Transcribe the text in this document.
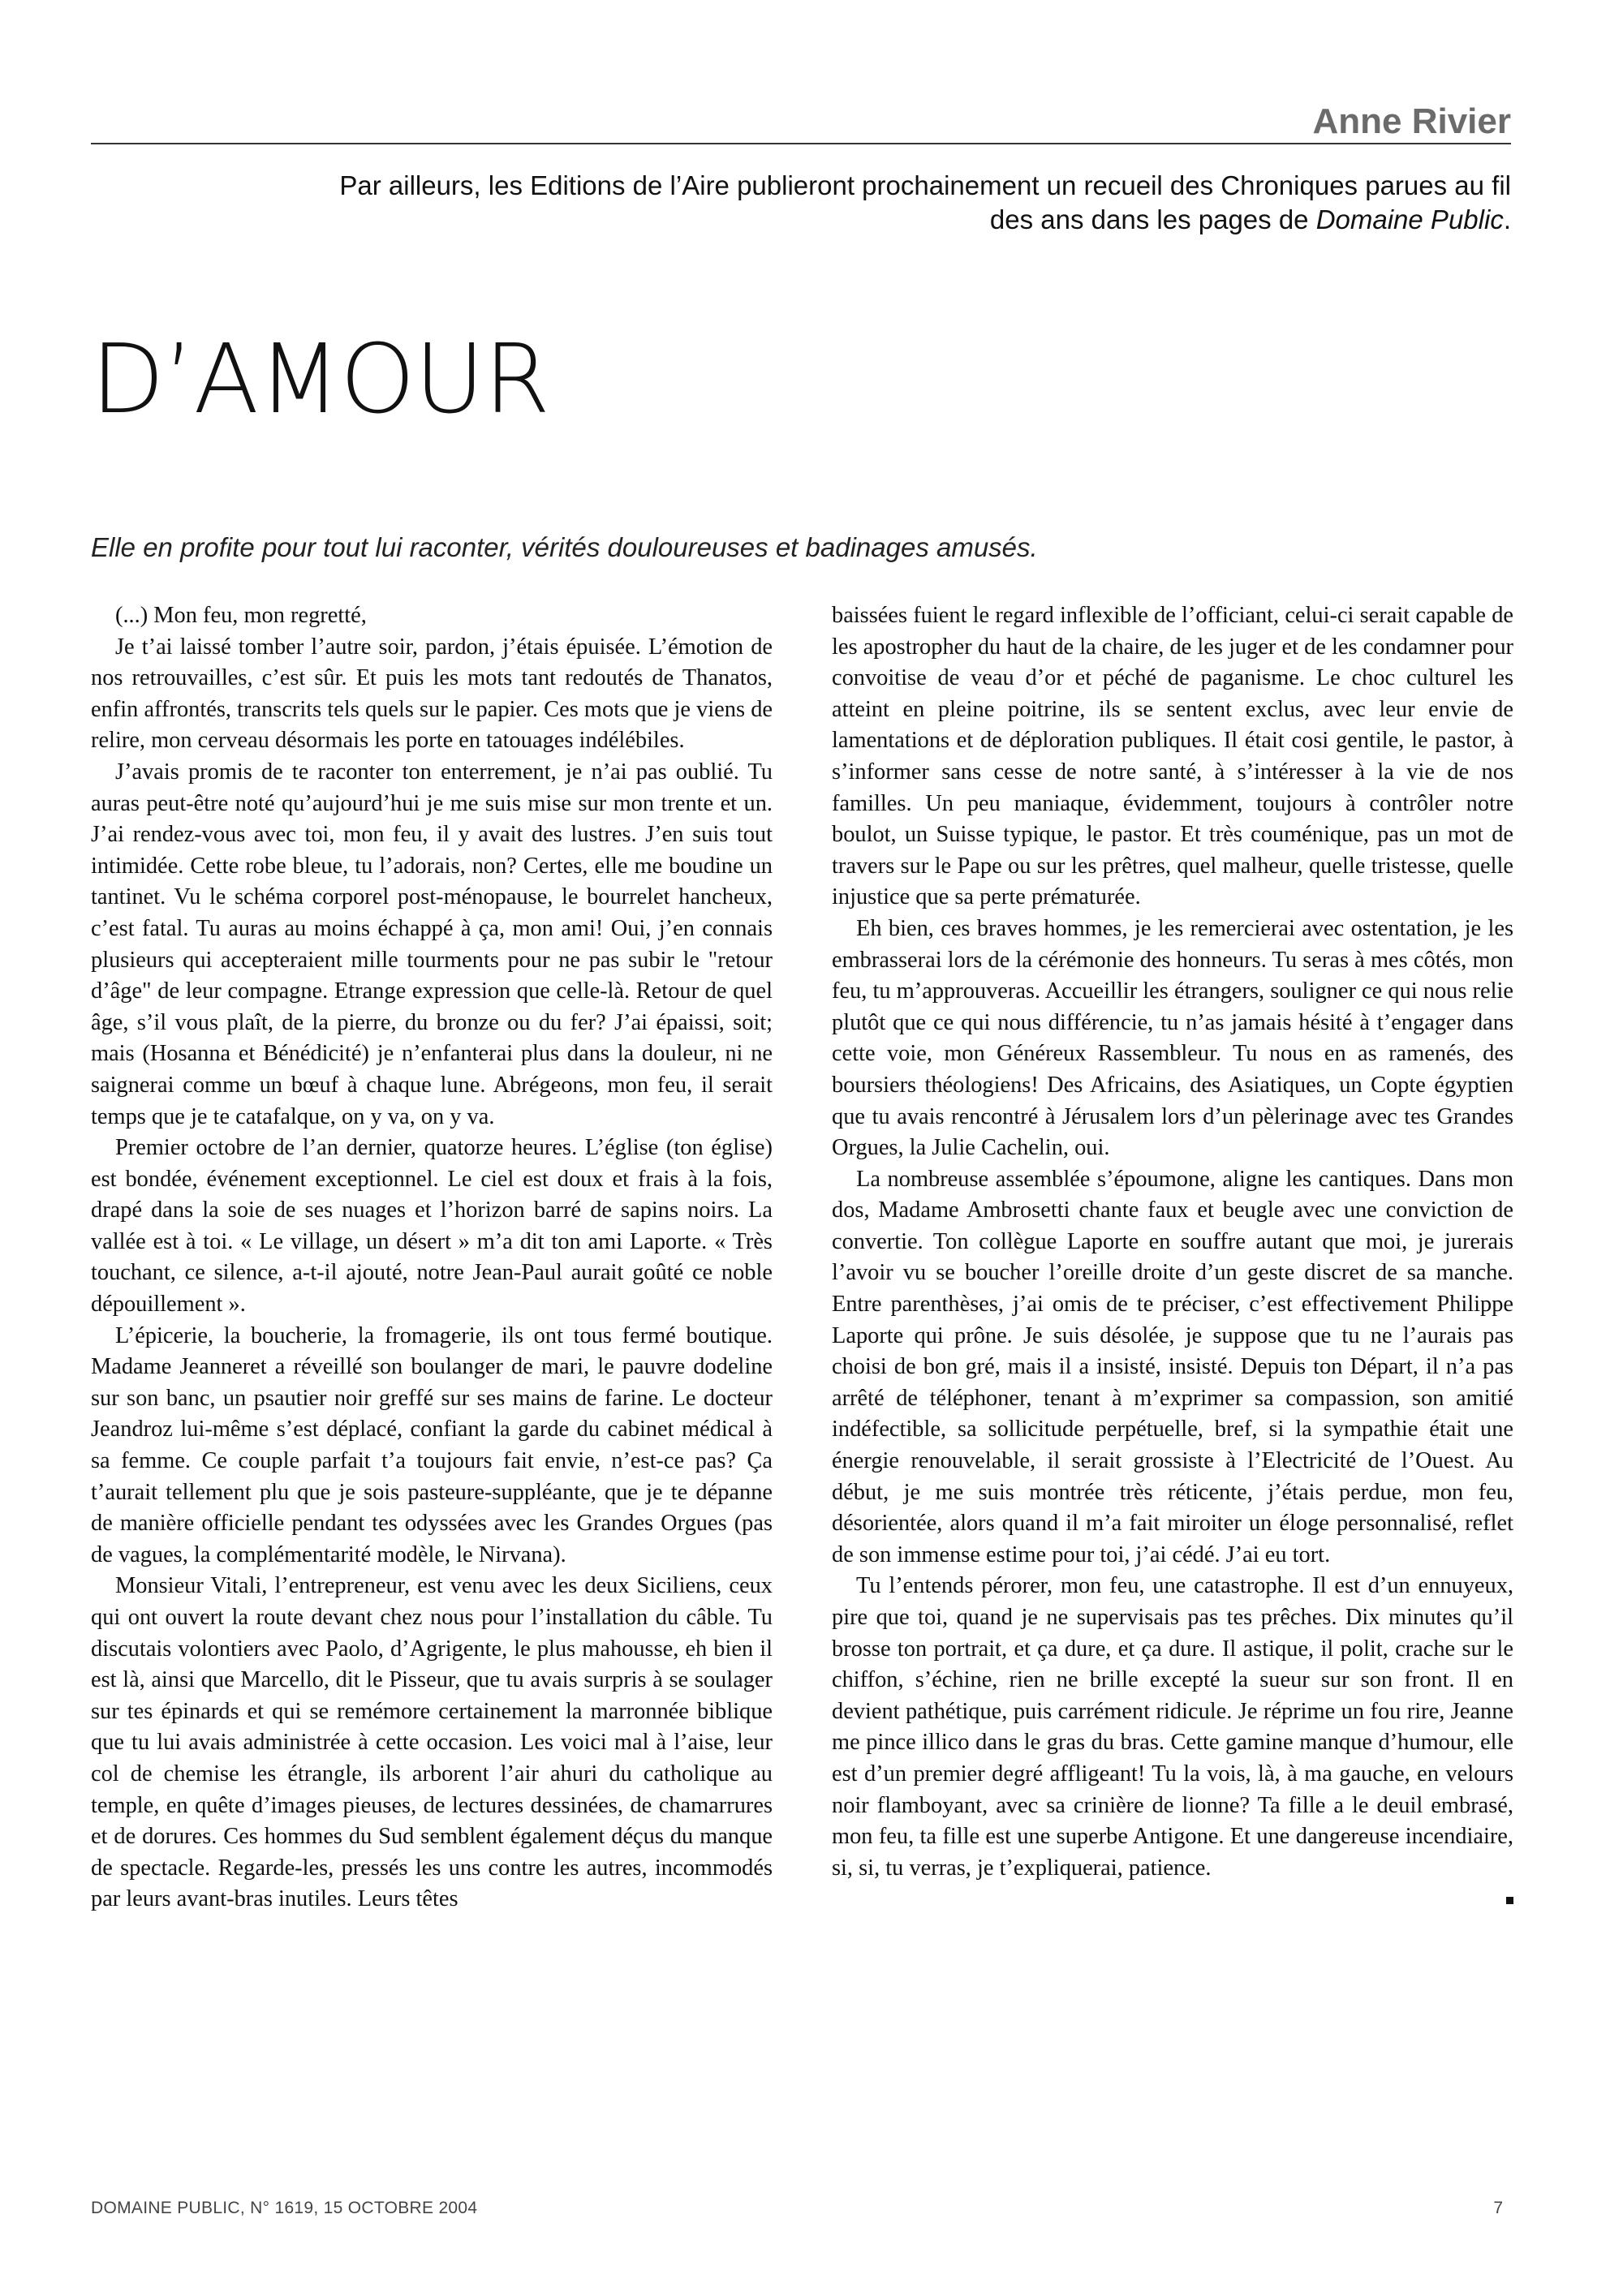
Anne Rivier
Par ailleurs, les Editions de l’Aire publieront prochainement un recueil des Chroniques parues au fil des ans dans les pages de Domaine Public.
D’AMOUR
Elle en profite pour tout lui raconter, vérités douloureuses et badinages amusés.

(...) Mon feu, mon regretté,

Je t’ai laissé tomber l’autre soir, pardon, j’étais épuisée. L’émotion de nos retrouvailles, c’est sûr. Et puis les mots tant redoutés de Thanatos, enfin affrontés, transcrits tels quels sur le papier. Ces mots que je viens de relire, mon cerveau désormais les porte en tatouages indélébiles.

J’avais promis de te raconter ton enterrement, je n’ai pas oublié. Tu auras peut-être noté qu’aujourd’hui je me suis mise sur mon trente et un. J’ai rendez-vous avec toi, mon feu, il y avait des lustres. J’en suis tout intimidée. Cette robe bleue, tu l’adorais, non? Certes, elle me boudine un tantinet. Vu le schéma corporel post-ménopause, le bourrelet hancheux, c’est fatal. Tu auras au moins échappé à ça, mon ami! Oui, j’en connais plusieurs qui accepteraient mille tourments pour ne pas subir le "retour d’âge" de leur compagne. Etrange expression que celle-là. Retour de quel âge, s’il vous plaît, de la pierre, du bronze ou du fer? J’ai épaissi, soit; mais (Hosanna et Bénédicité) je n’enfanterai plus dans la douleur, ni ne saignerai comme un bœuf à chaque lune. Abrégeons, mon feu, il serait temps que je te catafalque, on y va, on y va.

Premier octobre de l’an dernier, quatorze heures. L’église (ton église) est bondée, événement exceptionnel. Le ciel est doux et frais à la fois, drapé dans la soie de ses nuages et l’horizon barré de sapins noirs. La vallée est à toi. « Le village, un désert » m’a dit ton ami Laporte. « Très touchant, ce silence, a-t-il ajouté, notre Jean-Paul aurait goûté ce noble dépouillement ».

L’épicerie, la boucherie, la fromagerie, ils ont tous fermé boutique. Madame Jeanneret a réveillé son boulanger de mari, le pauvre dodeline sur son banc, un psautier noir greffé sur ses mains de farine. Le docteur Jeandroz lui-même s’est déplacé, confiant la garde du cabinet médical à sa femme. Ce couple parfait t’a toujours fait envie, n’est-ce pas? Ça t’aurait tellement plu que je sois pasteure-suppléante, que je te dépanne de manière officielle pendant tes odyssées avec les Grandes Orgues (pas de vagues, la complémentarité modèle, le Nirvana).

Monsieur Vitali, l’entrepreneur, est venu avec les deux Siciliens, ceux qui ont ouvert la route devant chez nous pour l’installation du câble. Tu discutais volontiers avec Paolo, d’Agrigente, le plus mahousse, eh bien il est là, ainsi que Marcello, dit le Pisseur, que tu avais surpris à se soulager sur tes épinards et qui se remémore certainement la marronnée biblique que tu lui avais administrée à cette occasion. Les voici mal à l’aise, leur col de chemise les étrangle, ils arborent l’air ahuri du catholique au temple, en quête d’images pieuses, de lectures dessinées, de chamarrures et de dorures. Ces hommes du Sud semblent également déçus du manque de spectacle. Regarde-les, pressés les uns contre les autres, incommodés par leurs avant-bras inutiles. Leurs têtes

baissées fuient le regard inflexible de l’officiant, celui-ci serait capable de les apostropher du haut de la chaire, de les juger et de les condamner pour convoitise de veau d’or et péché de paganisme. Le choc culturel les atteint en pleine poitrine, ils se sentent exclus, avec leur envie de lamentations et de déploration publiques. Il était cosi gentile, le pastor, à s’informer sans cesse de notre santé, à s’intéresser à la vie de nos familles. Un peu maniaque, évidemment, toujours à contrôler notre boulot, un Suisse typique, le pastor. Et très couménique, pas un mot de travers sur le Pape ou sur les prêtres, quel malheur, quelle tristesse, quelle injustice que sa perte prématurée.

Eh bien, ces braves hommes, je les remercierai avec ostentation, je les embrasserai lors de la cérémonie des honneurs. Tu seras à mes côtés, mon feu, tu m’approuveras. Accueillir les étrangers, souligner ce qui nous relie plutôt que ce qui nous différencie, tu n’as jamais hésité à t’engager dans cette voie, mon Généreux Rassembleur. Tu nous en as ramenés, des boursiers théologiens! Des Africains, des Asiatiques, un Copte égyptien que tu avais rencontré à Jérusalem lors d’un pèlerinage avec tes Grandes Orgues, la Julie Cachelin, oui.

La nombreuse assemblée s’époumone, aligne les cantiques. Dans mon dos, Madame Ambrosetti chante faux et beugle avec une conviction de convertie. Ton collègue Laporte en souffre autant que moi, je jurerais l’avoir vu se boucher l’oreille droite d’un geste discret de sa manche. Entre parenthèses, j’ai omis de te préciser, c’est effectivement Philippe Laporte qui prône. Je suis désolée, je suppose que tu ne l’aurais pas choisi de bon gré, mais il a insisté, insisté. Depuis ton Départ, il n’a pas arrêté de téléphoner, tenant à m’exprimer sa compassion, son amitié indéfectible, sa sollicitude perpétuelle, bref, si la sympathie était une énergie renouvelable, il serait grossiste à l’Electricité de l’Ouest. Au début, je me suis montrée très réticente, j’étais perdue, mon feu, désorientée, alors quand il m’a fait miroiter un éloge personnalisé, reflet de son immense estime pour toi, j’ai cédé. J’ai eu tort.

Tu l’entends pérorer, mon feu, une catastrophe. Il est d’un ennuyeux, pire que toi, quand je ne supervisais pas tes prêches. Dix minutes qu’il brosse ton portrait, et ça dure, et ça dure. Il astique, il polit, crache sur le chiffon, s’échine, rien ne brille excepté la sueur sur son front. Il en devient pathétique, puis carrément ridicule. Je réprime un fou rire, Jeanne me pince illico dans le gras du bras. Cette gamine manque d’humour, elle est d’un premier degré affligeant! Tu la vois, là, à ma gauche, en velours noir flamboyant, avec sa crinière de lionne? Ta fille a le deuil embrasé, mon feu, ta fille est une superbe Antigone. Et une dangereuse incendiaire, si, si, tu verras, je t’expliquerai, patience.

DOMAINE PUBLIC, N° 1619, 15 OCTOBRE 2004	7
